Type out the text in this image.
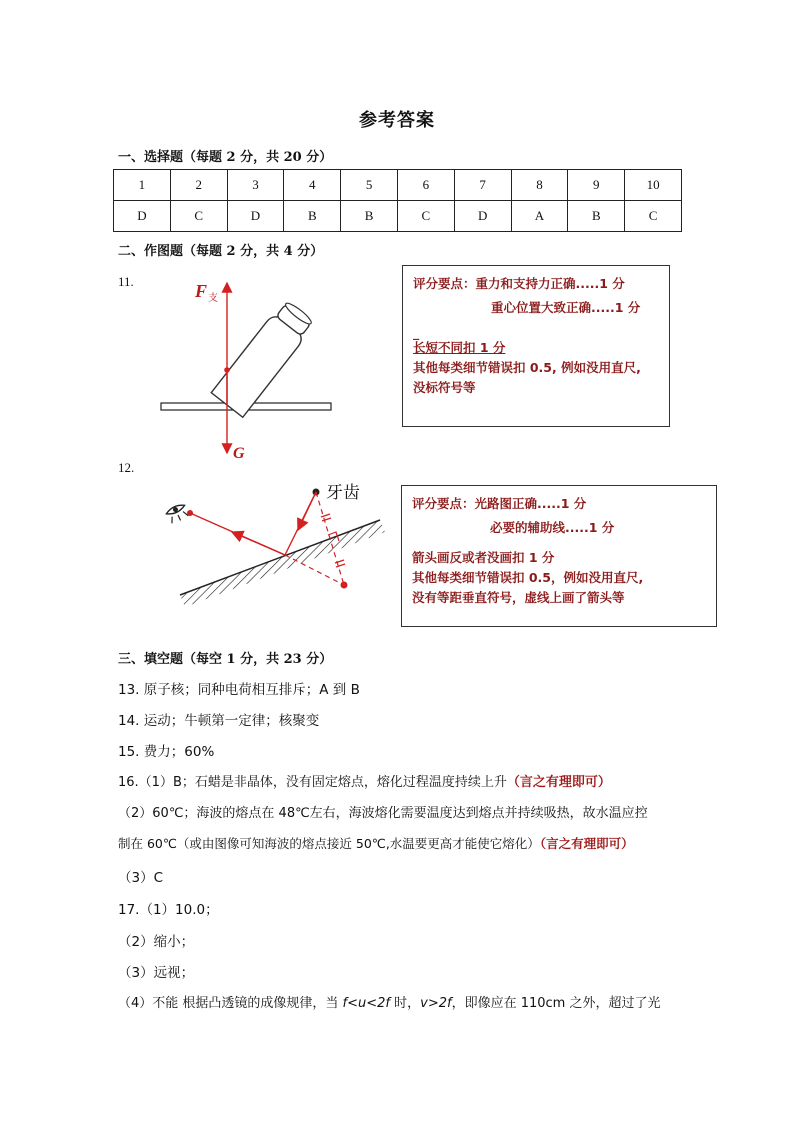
参考答案
一、选择题（每题 2 分，共 20 分）
1	2	3	4	5	6	7	8	9	10
D	C	D	B	B	C	D	A	B	C
二、作图题（每题 2 分，共 4 分）
11.	F 支
G
评分要点：重力和支持力正确.....1 分
重心位置大致正确.....1 分
_
长短不同扣 1 分
其他每类细节错误扣 0.5, 例如没用直尺,
没标符号等
12.
牙齿
评分要点：光路图正确.....1 分
必要的辅助线.....1 分
箭头画反或者没画扣 1 分
其他每类细节错误扣 0.5，例如没用直尺,
没有等距垂直符号，虚线上画了箭头等
三、填空题（每空 1 分，共 23 分）
13. 原子核；同种电荷相互排斥；A 到 B
14. 运动；牛顿第一定律；核聚变
15. 费力；60%
16.（1）B；石蜡是非晶体，没有固定熔点，熔化过程温度持续上升（言之有理即可）
（2）60℃；海波的熔点在 48℃左右，海波熔化需要温度达到熔点并持续吸热，故水温应控
制在 60℃（或由图像可知海波的熔点接近 50℃,水温要更高才能使它熔化）（言之有理即可）
（3）C
17.（1）10.0；
（2）缩小；
（3）远视；
（4）不能 根据凸透镜的成像规律，当 f<u<2f 时，v>2f，即像应在 110cm 之外，超过了光
